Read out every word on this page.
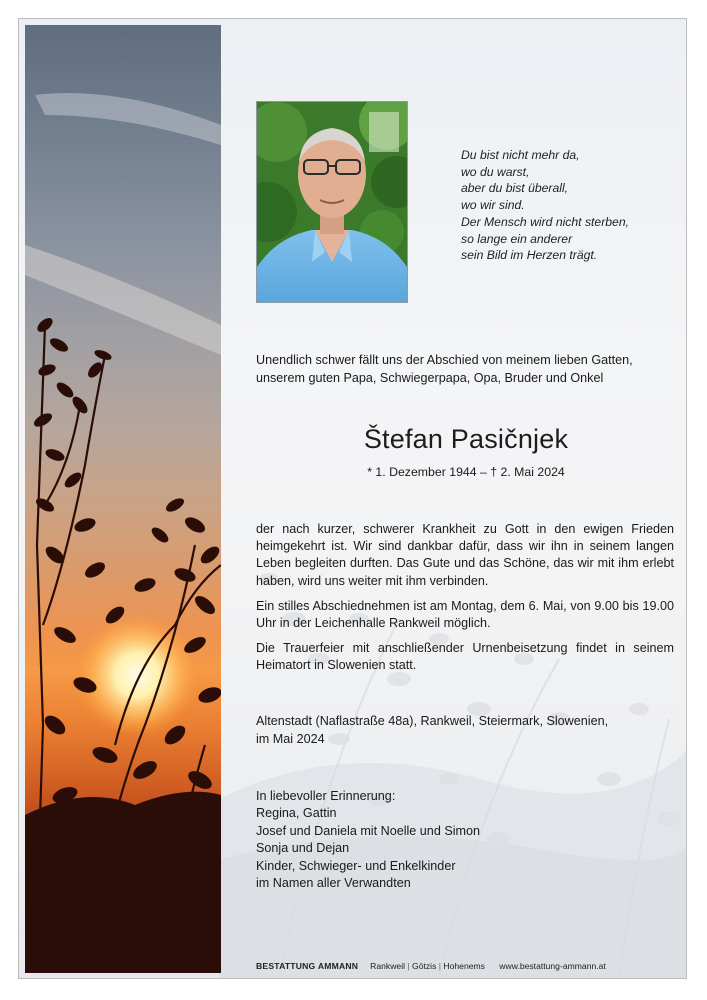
Du bist nicht mehr da,
wo du warst,
aber du bist überall,
wo wir sind.
Der Mensch wird nicht sterben,
so lange ein anderer
sein Bild im Herzen trägt.
Unendlich schwer fällt uns der Abschied von meinem lieben Gatten,
unserem guten Papa, Schwiegerpapa, Opa, Bruder und Onkel
Štefan Pasičnjek
* 1. Dezember 1944 – † 2. Mai 2024

der nach kurzer, schwerer Krankheit zu Gott in den ewigen Frieden heimgekehrt ist. Wir sind dankbar dafür, dass wir ihn in seinem langen Leben begleiten durften. Das Gute und das Schöne, das wir mit ihm erlebt haben, wird uns weiter mit ihm verbinden.

Ein stilles Abschiednehmen ist am Montag, dem 6. Mai, von 9.00 bis 19.00 Uhr in der Leichenhalle Rankweil möglich.

Die Trauerfeier mit anschließender Urnenbeisetzung findet in seinem Heimatort in Slowenien statt.

Altenstadt (Naflastraße 48a), Rankweil, Steiermark, Slowenien,
im Mai 2024
In liebevoller Erinnerung:
Regina, Gattin
Josef und Daniela mit Noelle und Simon
Sonja und Dejan
Kinder, Schwieger- und Enkelkinder
im Namen aller Verwandten
BESTATTUNG AMMANN Rankweil | Götzis | Hohenems www.bestattung-ammann.at
